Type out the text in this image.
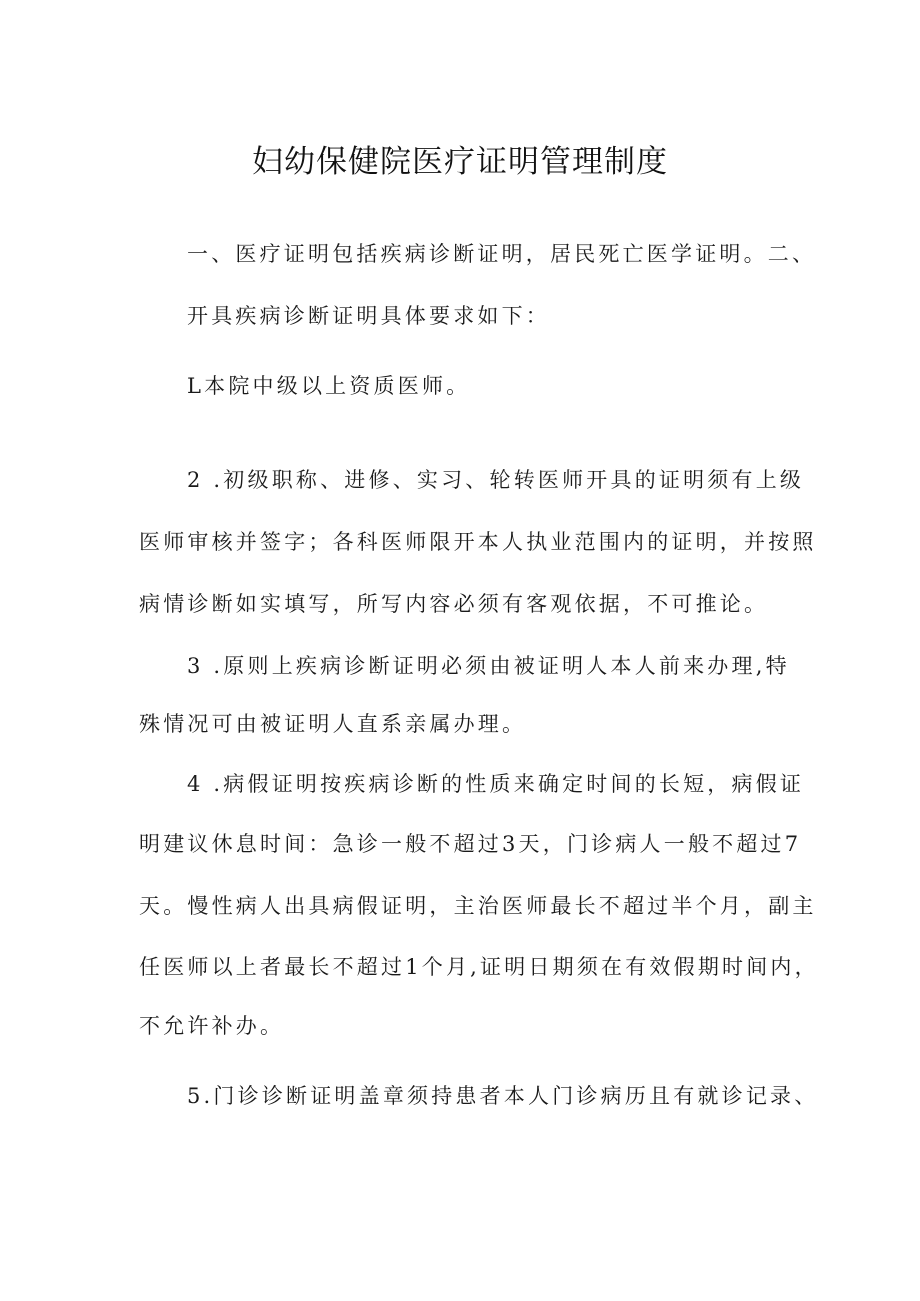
妇幼保健院医疗证明管理制度

一、医疗证明包括疾病诊断证明，居民死亡医学证明。二、

开具疾病诊断证明具体要求如下：

L本院中级以上资质医师。

2 .初级职称、进修、实习、轮转医师开具的证明须有上级

医师审核并签字；各科医师限开本人执业范围内的证明，并按照

病情诊断如实填写，所写内容必须有客观依据，不可推论。

3 .原则上疾病诊断证明必须由被证明人本人前来办理,特

殊情况可由被证明人直系亲属办理。

4 .病假证明按疾病诊断的性质来确定时间的长短，病假证

明建议休息时间：急诊一般不超过3天，门诊病人一般不超过7

天。慢性病人出具病假证明，主治医师最长不超过半个月，副主

任医师以上者最长不超过1个月,证明日期须在有效假期时间内，

不允许补办。

5.门诊诊断证明盖章须持患者本人门诊病历且有就诊记录、
